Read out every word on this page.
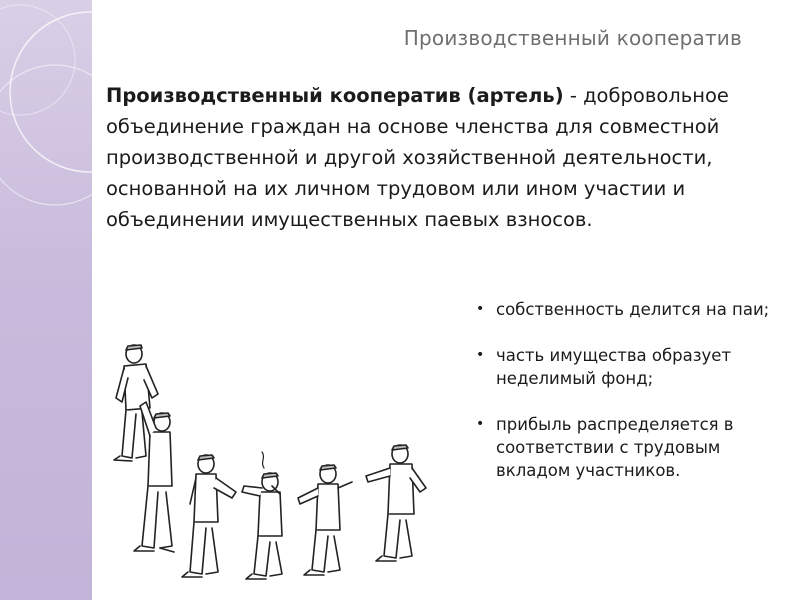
Производственный кооператив
Производственный кооператив (артель) - добровольное объединение граждан на основе членства для совместной производственной и другой хозяйственной деятельности, основанной на их личном трудовом или ином участии и объединении имущественных паевых взносов.
• собственность делится на паи;
• часть имущества образует неделимый фонд;
• прибыль распределяется в соответствии с трудовым вкладом участников.
